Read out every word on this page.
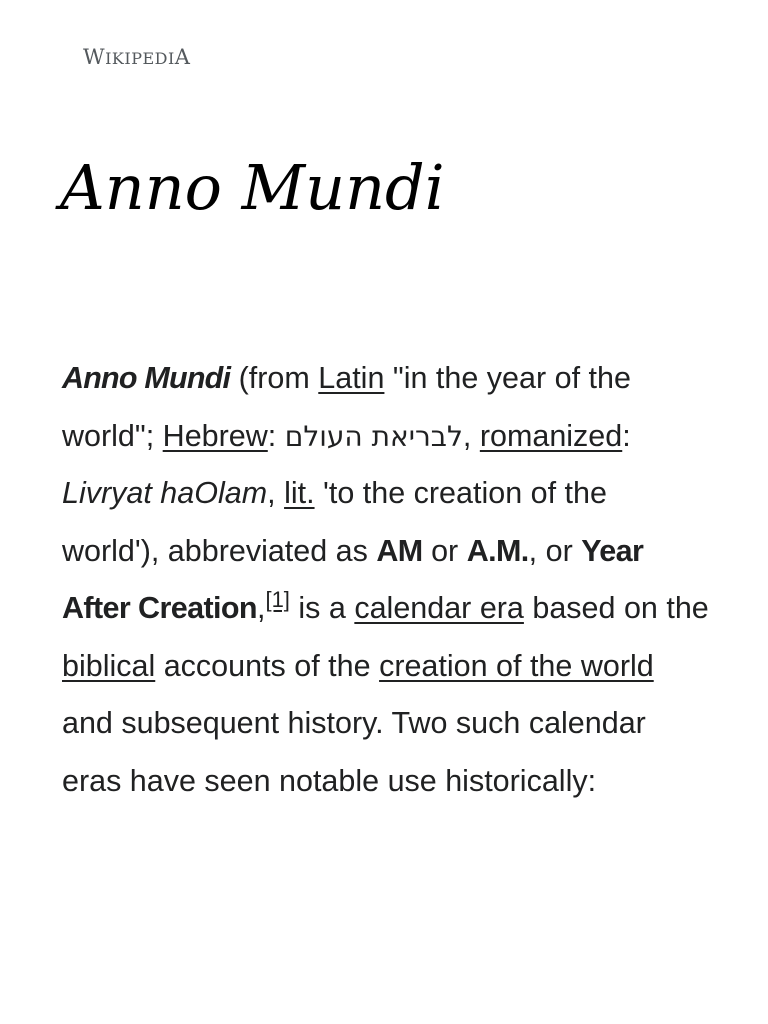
WIKIPEDIA
Anno Mundi

Anno Mundi (from Latin "in the year of the world"; Hebrew: לבריאת העולם, romanized: Livryat haOlam, lit. 'to the creation of the world'), abbreviated as AM or A.M., or Year After Creation,[1] is a calendar era based on the biblical accounts of the creation of the world and subsequent history. Two such calendar eras have seen notable use historically:
